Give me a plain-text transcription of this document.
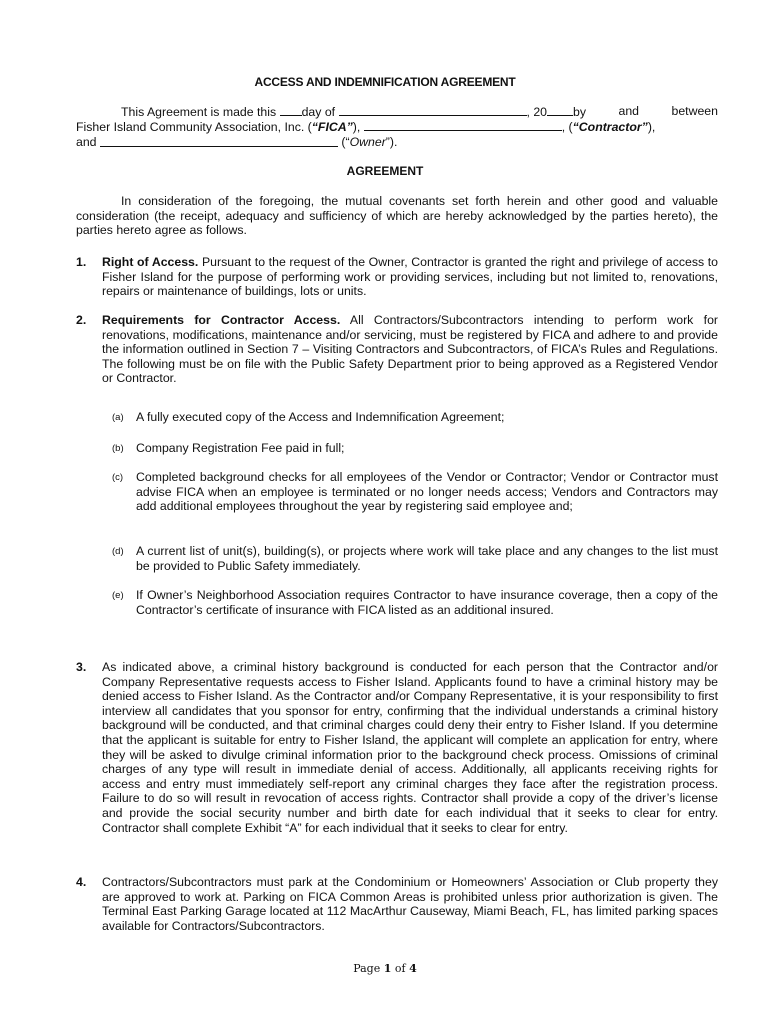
ACCESS AND INDEMNIFICATION AGREEMENT
This Agreement is made this day of	, 20 by	and	between
Fisher Island Community Association, Inc. (“FICA”),	, (“Contractor”),
and

	(“ Owner ”).
AGREEMENT
In consideration of the foregoing, the mutual covenants set forth herein and other good and valuable consideration (the receipt, adequacy and sufficiency of which are hereby acknowledged by the parties hereto), the parties hereto agree as follows.
1. Right of Access. Pursuant to the request of the Owner, Contractor is granted the right and privilege of access to Fisher Island for the purpose of performing work or providing services, including but not limited to, renovations, repairs or maintenance of buildings, lots or units.
2. Requirements for Contractor Access. All Contractors/Subcontractors intending to perform work for renovations, modifications, maintenance and/or servicing, must be registered by FICA and adhere to and provide the information outlined in Section 7 – Visiting Contractors and Subcontractors, of FICA’s Rules and Regulations. The following must be on file with the Public Safety Department prior to being approved as a Registered Vendor or Contractor.
(a) A fully executed copy of the Access and Indemnification Agreement;
(b) Company Registration Fee paid in full;
(c) Completed background checks for all employees of the Vendor or Contractor; Vendor or Contractor must advise FICA when an employee is terminated or no longer needs access; Vendors and Contractors may add additional employees throughout the year by registering said employee and;
(d) A current list of unit(s), building(s), or projects where work will take place and any changes to the list must be provided to Public Safety immediately.
(e) If Owner’s Neighborhood Association requires Contractor to have insurance coverage, then a copy of the Contractor’s certificate of insurance with FICA listed as an additional insured.
3. As indicated above, a criminal history background is conducted for each person that the Contractor and/or Company Representative requests access to Fisher Island. Applicants found to have a criminal history may be denied access to Fisher Island. As the Contractor and/or Company Representative, it is your responsibility to first interview all candidates that you sponsor for entry, confirming that the individual understands a criminal history background will be conducted, and that criminal charges could deny their entry to Fisher Island. If you determine that the applicant is suitable for entry to Fisher Island, the applicant will complete an application for entry, where they will be asked to divulge criminal information prior to the background check process. Omissions of criminal charges of any type will result in immediate denial of access. Additionally, all applicants receiving rights for access and entry must immediately self-report any criminal charges they face after the registration process. Failure to do so will result in revocation of access rights. Contractor shall provide a copy of the driver’s license and provide the social security number and birth date for each individual that it seeks to clear for entry. Contractor shall complete Exhibit “A” for each individual that it seeks to clear for entry.
4. Contractors/Subcontractors must park at the Condominium or Homeowners’ Association or Club property they are approved to work at. Parking on FICA Common Areas is prohibited unless prior authorization is given. The Terminal East Parking Garage located at 112 MacArthur Causeway, Miami Beach, FL, has limited parking spaces available for Contractors/Subcontractors.
Page 1 of 4
